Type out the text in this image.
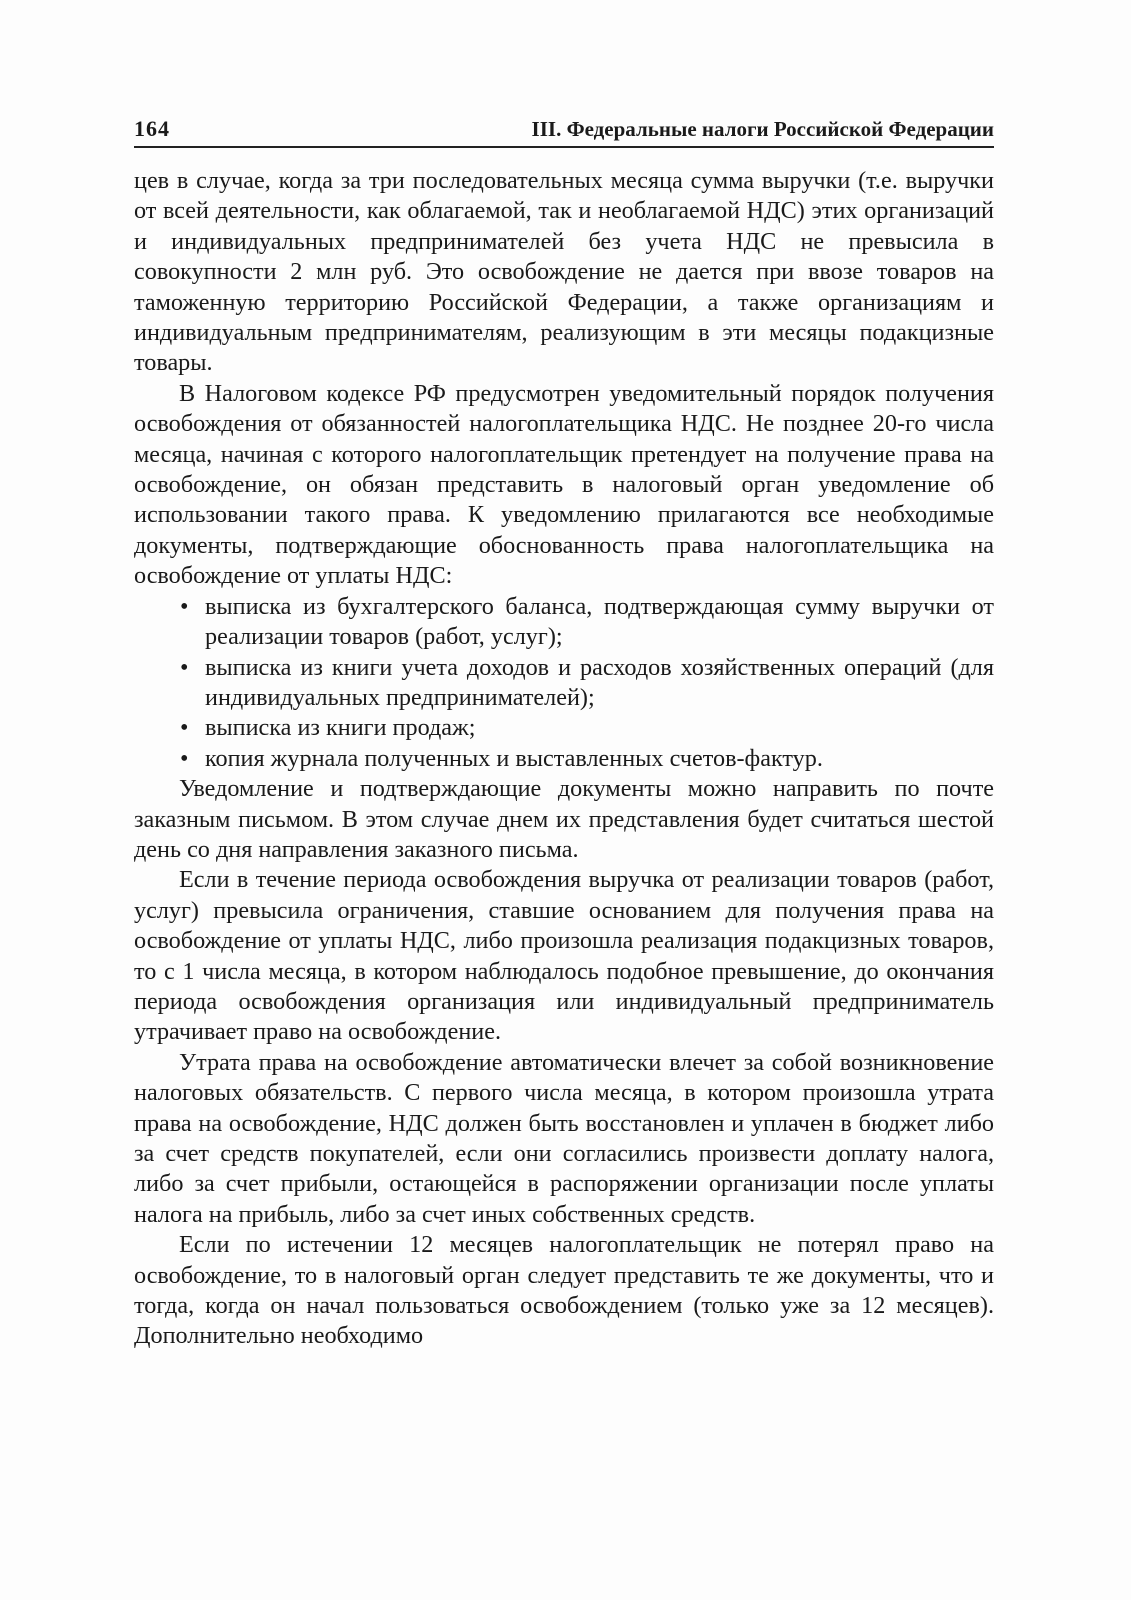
164	III. Федеральные налоги Российской Федерации

цев в случае, когда за три последовательных месяца сумма выручки (т.е. выручки от всей деятельности, как облагаемой, так и необлагаемой НДС) этих организаций и индивидуальных предпринимателей без учета НДС не превысила в совокупности 2 млн руб. Это освобождение не дается при ввозе товаров на таможенную территорию Российской Федерации, а также организациям и индивидуальным предпринимателям, реализующим в эти месяцы подакцизные товары.

В Налоговом кодексе РФ предусмотрен уведомительный порядок получения освобождения от обязанностей налогоплательщика НДС. Не позднее 20-го числа месяца, начиная с которого налогоплательщик претендует на получение права на освобождение, он обязан представить в налоговый орган уведомление об использовании такого права. К уведомлению прилагаются все необходимые документы, подтверждающие обоснованность права налогоплательщика на освобождение от уплаты НДС:

• выписка из бухгалтерского баланса, подтверждающая сумму выручки от реализации товаров (работ, услуг);
• выписка из книги учета доходов и расходов хозяйственных операций (для индивидуальных предпринимателей);
• выписка из книги продаж;
• копия журнала полученных и выставленных счетов-фактур.

Уведомление и подтверждающие документы можно направить по почте заказным письмом. В этом случае днем их представления будет считаться шестой день со дня направления заказного письма.

Если в течение периода освобождения выручка от реализации товаров (работ, услуг) превысила ограничения, ставшие основанием для получения права на освобождение от уплаты НДС, либо произошла реализация подакцизных товаров, то с 1 числа месяца, в котором наблюдалось подобное превышение, до окончания периода освобождения организация или индивидуальный предприниматель утрачивает право на освобождение.

Утрата права на освобождение автоматически влечет за собой возникновение налоговых обязательств. С первого числа месяца, в котором произошла утрата права на освобождение, НДС должен быть восстановлен и уплачен в бюджет либо за счет средств покупателей, если они согласились произвести доплату налога, либо за счет прибыли, остающейся в распоряжении организации после уплаты налога на прибыль, либо за счет иных собственных средств.

Если по истечении 12 месяцев налогоплательщик не потерял право на освобождение, то в налоговый орган следует представить те же документы, что и тогда, когда он начал пользоваться освобождением (только уже за 12 месяцев). Дополнительно необходимо
